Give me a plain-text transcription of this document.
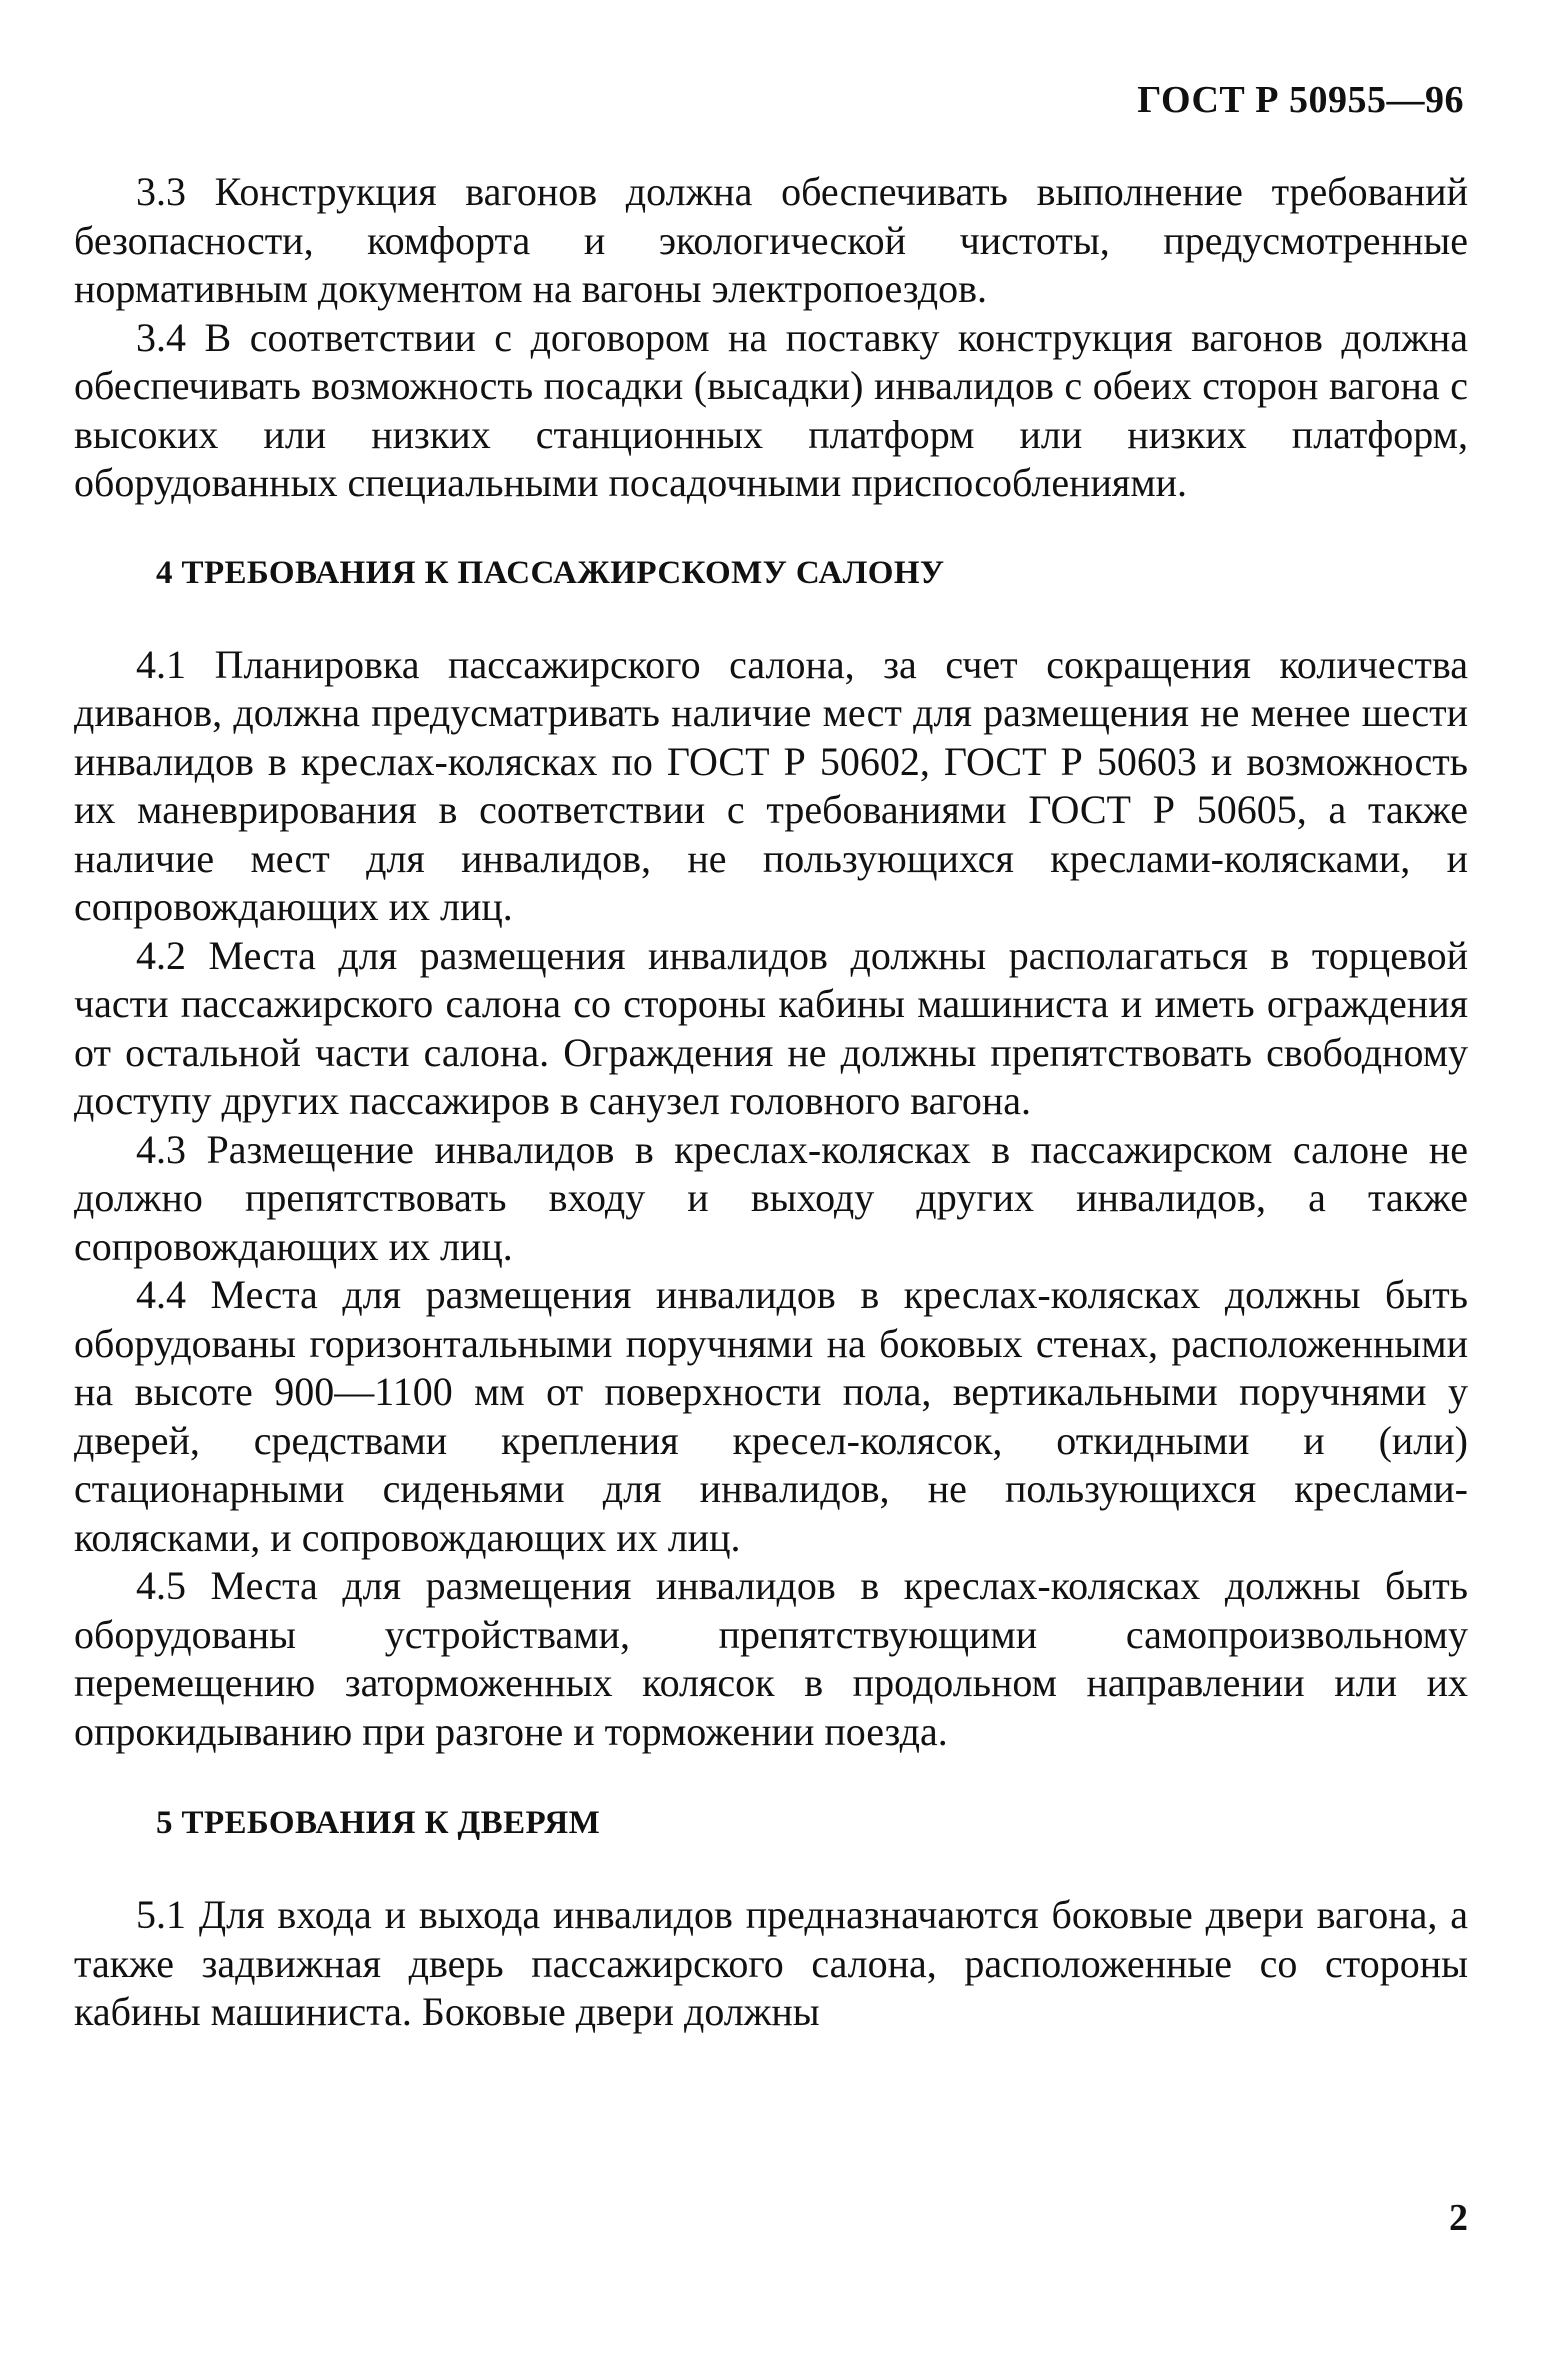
ГОСТ Р 50955—96

3.3 Конструкция вагонов должна обеспечивать выполнение требований безопасности, комфорта и экологической чистоты, предусмотренные нормативным документом на вагоны электропоездов.

3.4 В соответствии с договором на поставку конструкция вагонов должна обеспечивать возможность посадки (высадки) инвалидов с обеих сторон вагона с высоких или низких станционных платформ или низких платформ, оборудованных специальными посадочными приспособлениями.

4 ТРЕБОВАНИЯ К ПАССАЖИРСКОМУ САЛОНУ

4.1 Планировка пассажирского салона, за счет сокращения количества диванов, должна предусматривать наличие мест для размещения не менее шести инвалидов в креслах-колясках по ГОСТ Р 50602, ГОСТ Р 50603 и возможность их маневрирования в соответствии с требованиями ГОСТ Р 50605, а также наличие мест для инвалидов, не пользующихся креслами-колясками, и сопровождающих их лиц.

4.2 Места для размещения инвалидов должны располагаться в торцевой части пассажирского салона со стороны кабины машиниста и иметь ограждения от остальной части салона. Ограждения не должны препятствовать свободному доступу других пассажиров в санузел головного вагона.

4.3 Размещение инвалидов в креслах-колясках в пассажирском салоне не должно препятствовать входу и выходу других инвалидов, а также сопровождающих их лиц.

4.4 Места для размещения инвалидов в креслах-колясках должны быть оборудованы горизонтальными поручнями на боковых стенах, расположенными на высоте 900—1100 мм от поверхности пола, вертикальными поручнями у дверей, средствами крепления кресел-колясок, откидными и (или) стационарными сиденьями для инвалидов, не пользующихся креслами-колясками, и сопровождающих их лиц.

4.5 Места для размещения инвалидов в креслах-колясках должны быть оборудованы устройствами, препятствующими самопроизвольному перемещению заторможенных колясок в продольном направлении или их опрокидыванию при разгоне и торможении поезда.

5 ТРЕБОВАНИЯ К ДВЕРЯМ

5.1 Для входа и выхода инвалидов предназначаются боковые двери вагона, а также задвижная дверь пассажирского салона, расположенные со стороны кабины машиниста. Боковые двери должны

2
